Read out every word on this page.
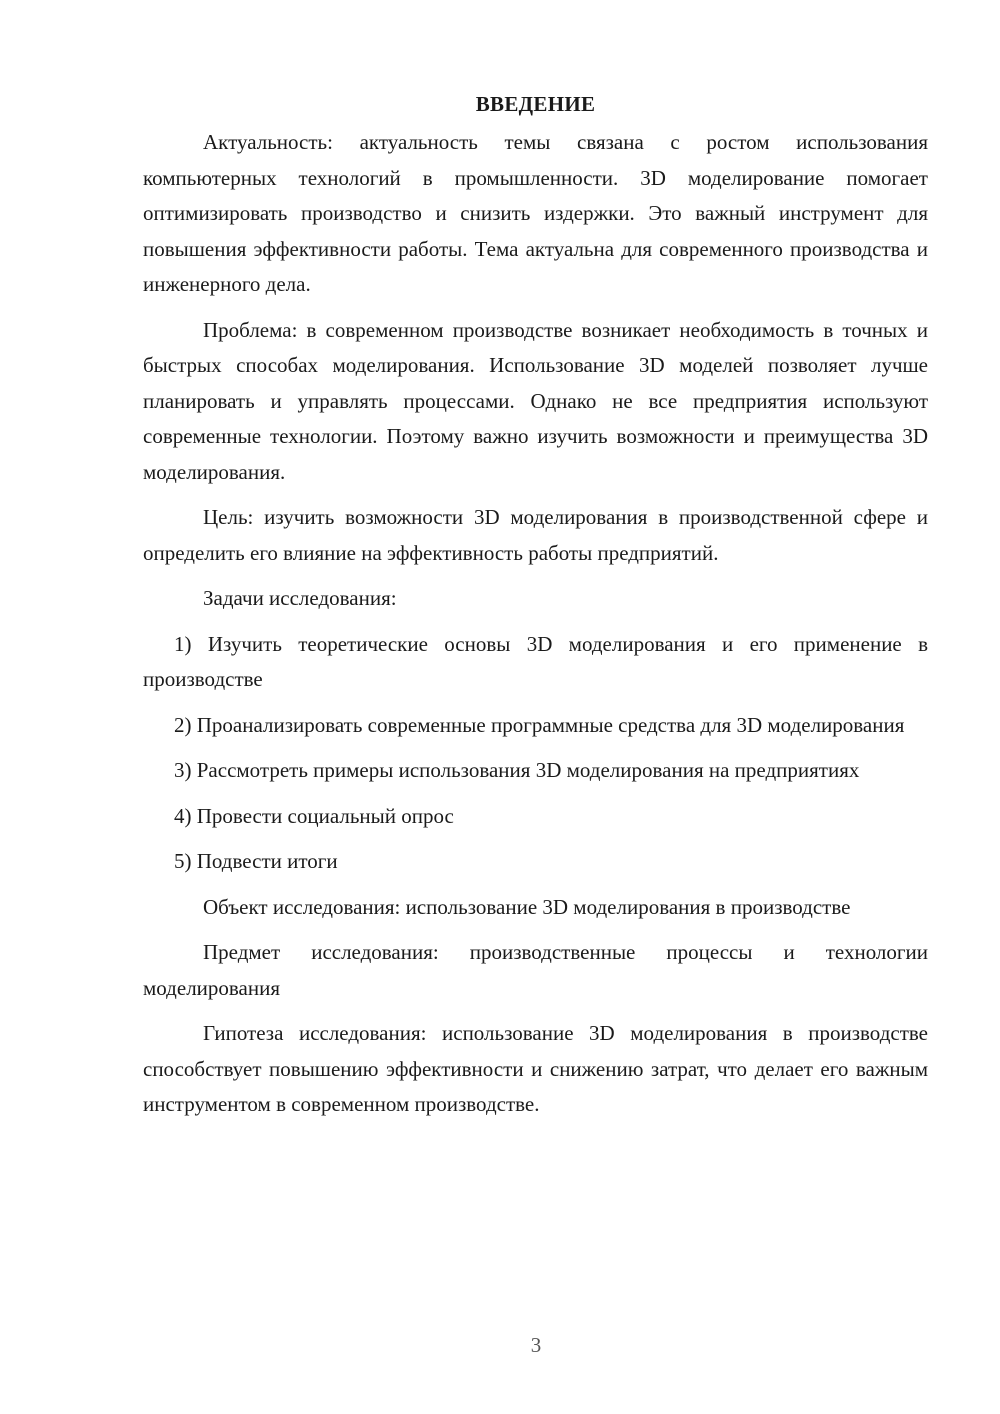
ВВЕДЕНИЕ

Актуальность: актуальность темы связана с ростом использования компьютерных технологий в промышленности. 3D моделирование помогает оптимизировать производство и снизить издержки. Это важный инструмент для повышения эффективности работы. Тема актуальна для современного производства и инженерного дела.

Проблема: в современном производстве возникает необходимость в точных и быстрых способах моделирования. Использование 3D моделей позволяет лучше планировать и управлять процессами. Однако не все предприятия используют современные технологии. Поэтому важно изучить возможности и преимущества 3D моделирования.

Цель: изучить возможности 3D моделирования в производственной сфере и определить его влияние на эффективность работы предприятий.

Задачи исследования:

1) Изучить теоретические основы 3D моделирования и его применение в производстве

2) Проанализировать современные программные средства для 3D моделирования

3) Рассмотреть примеры использования 3D моделирования на предприятиях

4) Провести социальный опрос

5) Подвести итоги

Объект исследования: использование 3D моделирования в производстве

Предмет исследования: производственные процессы и технологии моделирования

Гипотеза исследования: использование 3D моделирования в производстве способствует повышению эффективности и снижению затрат, что делает его важным инструментом в современном производстве.

3
